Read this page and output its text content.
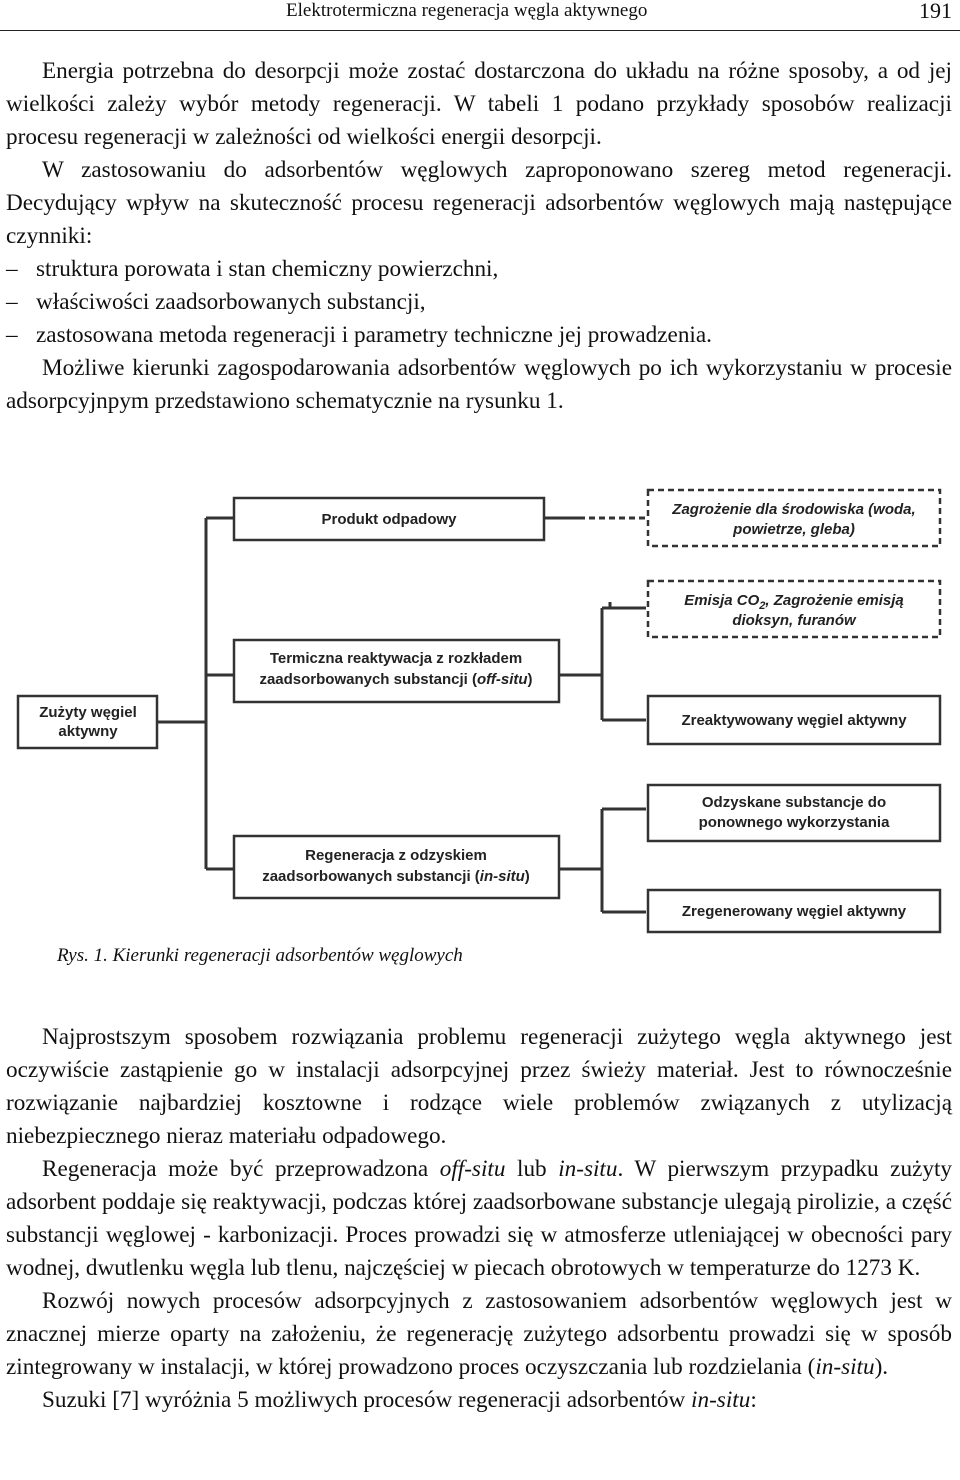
Elektrotermiczna regeneracja węgla aktywnego	191

Energia potrzebna do desorpcji może zostać dostarczona do układu na różne sposoby, a od jej wielkości zależy wybór metody regeneracji. W tabeli 1 podano przykłady sposobów realizacji procesu regeneracji w zależności od wielkości energii desorpcji.

W zastosowaniu do adsorbentów węglowych zaproponowano szereg metod regeneracji. Decydujący wpływ na skuteczność procesu regeneracji adsorbentów węglowych mają następujące czynniki:

– struktura porowata i stan chemiczny powierzchni,
– właściwości zaadsorbowanych substancji,
– zastosowana metoda regeneracji i parametry techniczne jej prowadzenia.

Możliwe kierunki zagospodarowania adsorbentów węglowych po ich wykorzystaniu w procesie adsorpcyjnpym przedstawiono schematycznie na rysunku 1.

Zużyty węgiel
Produkt odpadowy
Termiczna reaktywacja z rozkładem
zaadsorbowanych substancji (off-situ)
Regeneracja z odzyskiem
zaadsorbowanych substancji (in-situ)
Zagrożenie dla środowiska (woda,
powietrze, gleba)
Emisja $CO_2$, Zagrożenie emisją
dioksyn, furanów
Zreaktywowany węgiel aktywny
Odzyskane substancje do
ponownego wykorzystania
Zregenerowany węgiel aktywny
aktywny
Rys. 1. Kierunki regeneracji adsorbentów węglowych

Najprostszym sposobem rozwiązania problemu regeneracji zużytego węgla aktywnego jest oczywiście zastąpienie go w instalacji adsorpcyjnej przez świeży materiał. Jest to równocześnie rozwiązanie najbardziej kosztowne i rodzące wiele problemów związanych z utylizacją niebezpiecznego nieraz materiału odpadowego.

Regeneracja może być przeprowadzona off-situ lub in-situ. W pierwszym przypadku zużyty adsorbent poddaje się reaktywacji, podczas której zaadsorbowane substancje ulegają pirolizie, a część substancji węglowej - karbonizacji. Proces prowadzi się w atmosferze utleniającej w obecności pary wodnej, dwutlenku węgla lub tlenu, najczęściej w piecach obrotowych w temperaturze do 1273 K.

Rozwój nowych procesów adsorpcyjnych z zastosowaniem adsorbentów węglowych jest w znacznej mierze oparty na założeniu, że regenerację zużytego adsorbentu prowadzi się w sposób zintegrowany w instalacji, w której prowadzono proces oczyszczania lub rozdzielania (in-situ).

Suzuki [7] wyróżnia 5 możliwych procesów regeneracji adsorbentów in-situ:
